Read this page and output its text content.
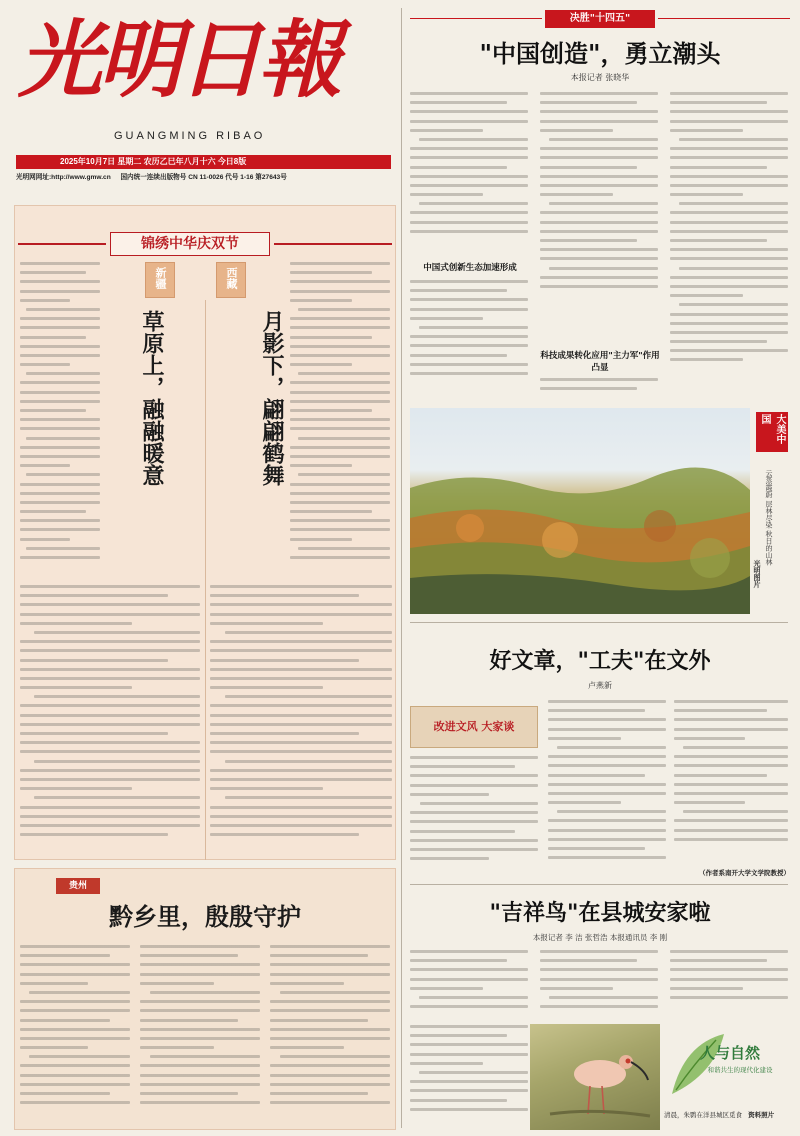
光明日報
GUANGMING RIBAO
2025年10月7日 星期二 农历乙巳年八月十六 今日8版
光明网网址:http://www.gmw.cn 国内统一连续出版物号 CN 11-0026 代号 1-16 第27643号
锦绣中华庆双节
新疆
草原上，融融暖意
西藏
月影下，翩翩鹤舞
贵州
黔乡里，殷殷守护
决胜"十四五"
"中国创造"，勇立潮头
本报记者 张晓华
中国式创新生态加速形成
科技成果转化应用"主力军"作用凸显
大美中国
云蒸霞蔚 层林尽染 秋日的山林
光明图片
好文章，"工夫"在文外
卢燕新
改进文风 大家谈
（作者系南开大学文学院教授）
"吉祥鸟"在县城安家啦
本报记者 李 洁 张哲浩 本报通讯员 李 刚
人与自然
和谐共生的现代化建设
清晨，朱鹮在洋县城区觅食 资料照片
